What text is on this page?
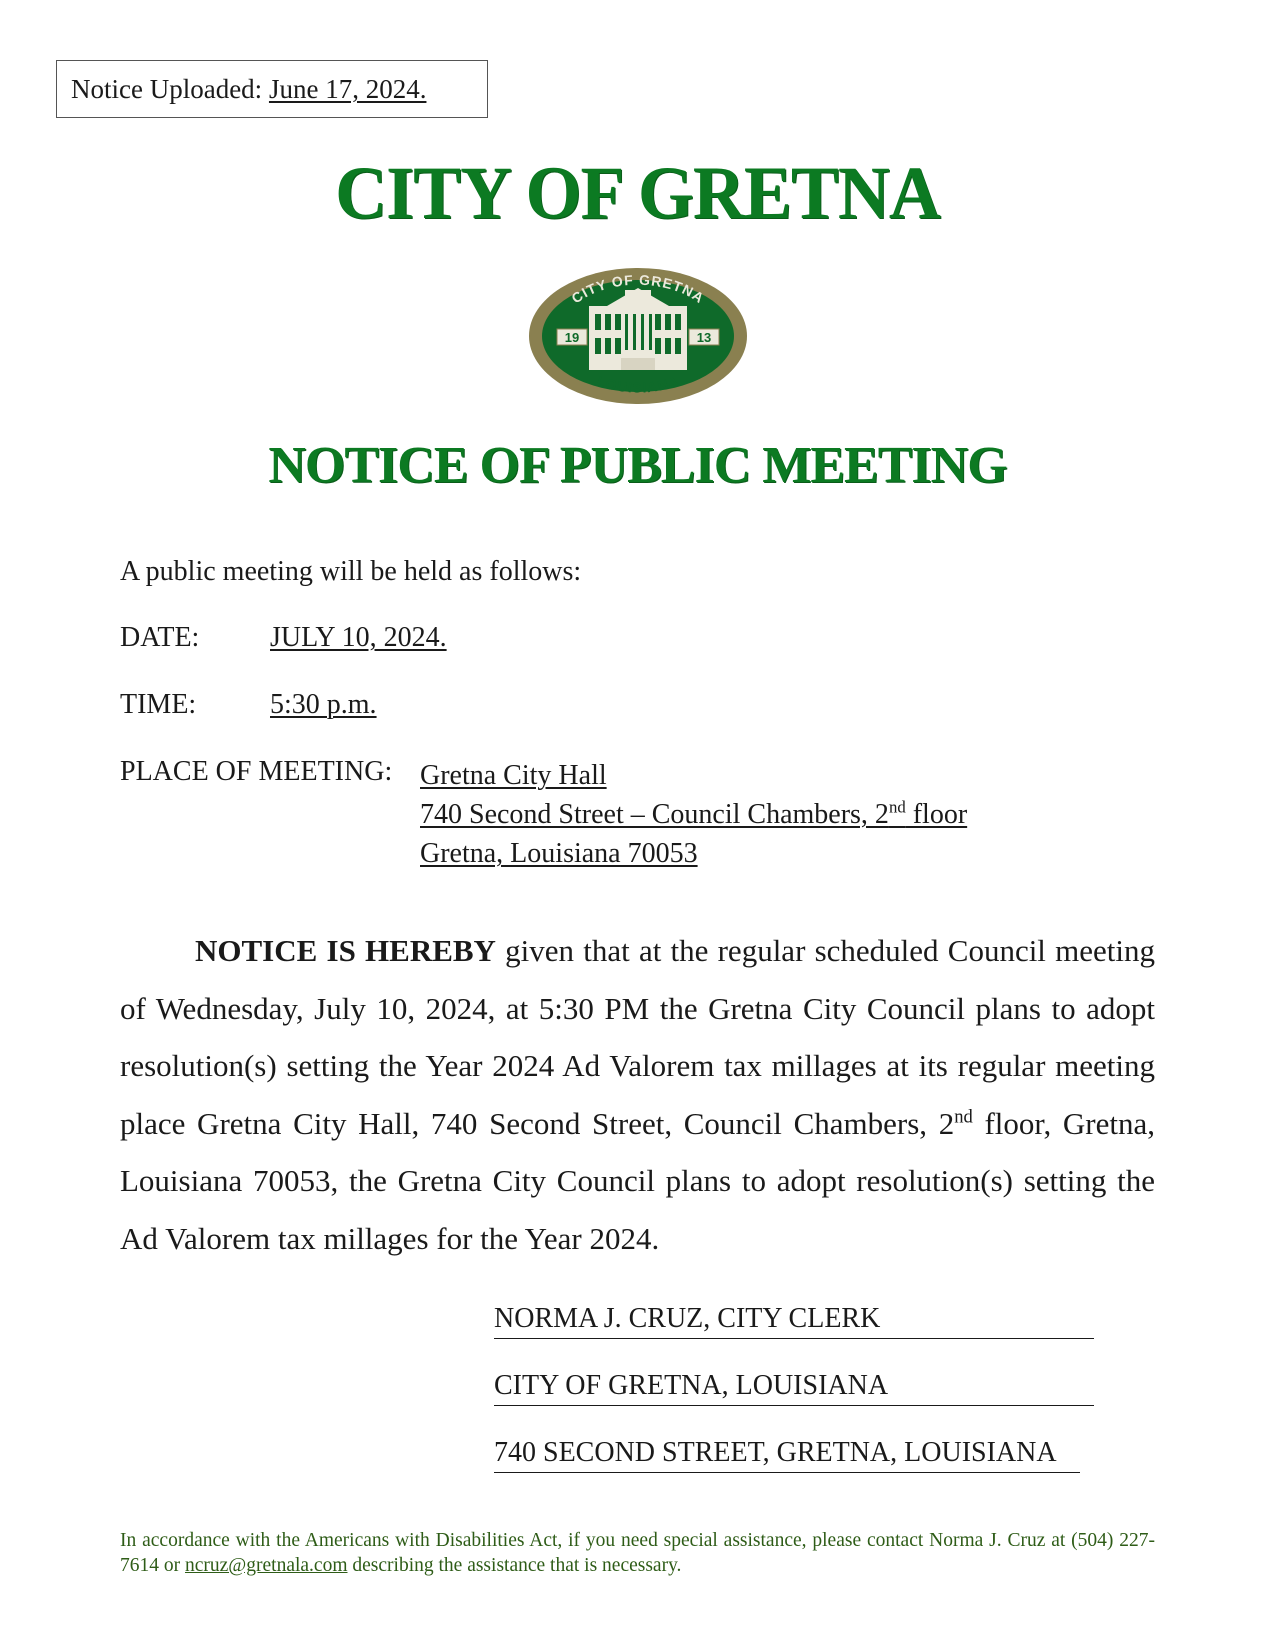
Notice Uploaded: June 17, 2024.
CITY OF GRETNA
19	13
CITY OF GRETNA
LOUISIANA
NOTICE OF PUBLIC MEETING
A public meeting will be held as follows:
DATE:	JULY 10, 2024.
TIME:	5:30 p.m.
PLACE OF MEETING: Gretna City Hall
740 Second Street – Council Chambers, 2nd floor
Gretna, Louisiana 70053
NOTICE IS HEREBY given that at the regular scheduled Council meeting of Wednesday, July 10, 2024, at 5:30 PM the Gretna City Council plans to adopt resolution(s) setting the Year 2024 Ad Valorem tax millages at its regular meeting place Gretna City Hall, 740 Second Street, Council Chambers, 2nd floor, Gretna, Louisiana 70053, the Gretna City Council plans to adopt resolution(s) setting the Ad Valorem tax millages for the Year 2024.
NORMA J. CRUZ, CITY CLERK
CITY OF GRETNA, LOUISIANA
740 SECOND STREET, GRETNA, LOUISIANA
In accordance with the Americans with Disabilities Act, if you need special assistance, please contact Norma J. Cruz at (504) 227-7614 or ncruz@gretnala.com describing the assistance that is necessary.
